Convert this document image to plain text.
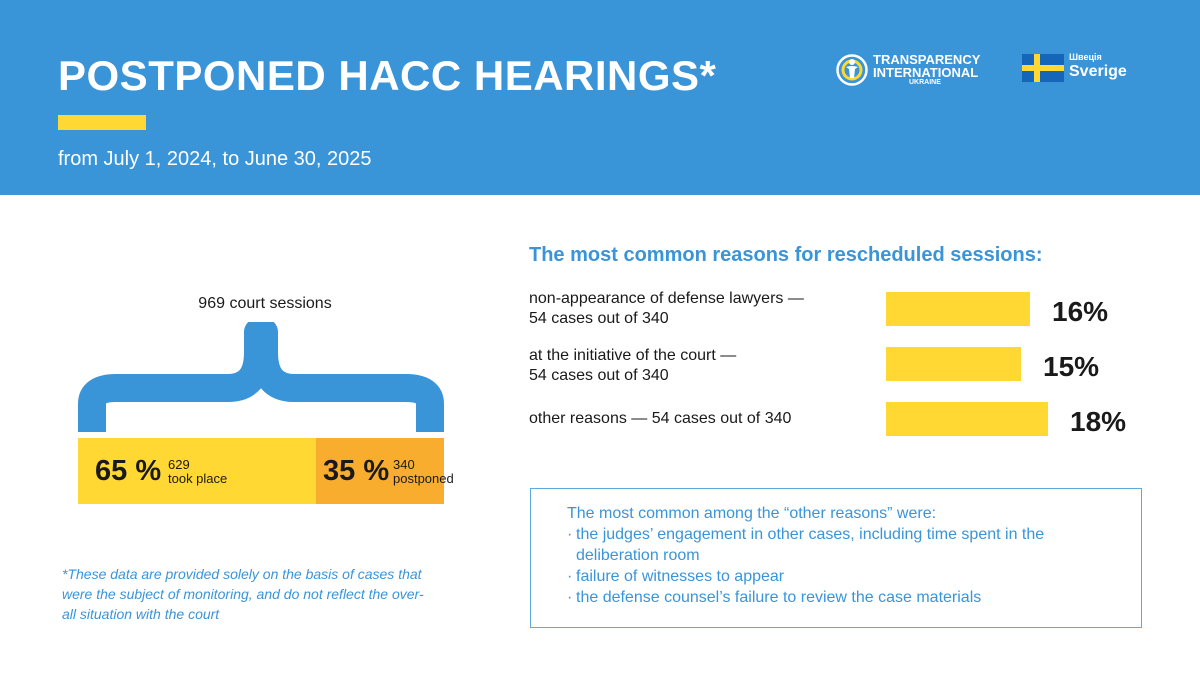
POSTPONED HACC HEARINGS*
from July 1, 2024, to June 30, 2025
TRANSPARENCY
INTERNATIONAL
UKRAINE
Швеція
Sverige
969 court sessions
65 % 629
took place	35 % 340
postponed
*These data are provided solely on the basis of cases that
were the subject of monitoring, and do not reflect the over-
all situation with the court
The most common reasons for rescheduled sessions:
non-appearance of defense lawyers —
54 cases out of 340	16%
at the initiative of the court —
54 cases out of 340	15%
other reasons — 54 cases out of 340	18%
The most common among the “other reasons” were:
· the judges’ engagement in other cases, including time spent in the
deliberation room
· failure of witnesses to appear
· the defense counsel’s failure to review the case materials
